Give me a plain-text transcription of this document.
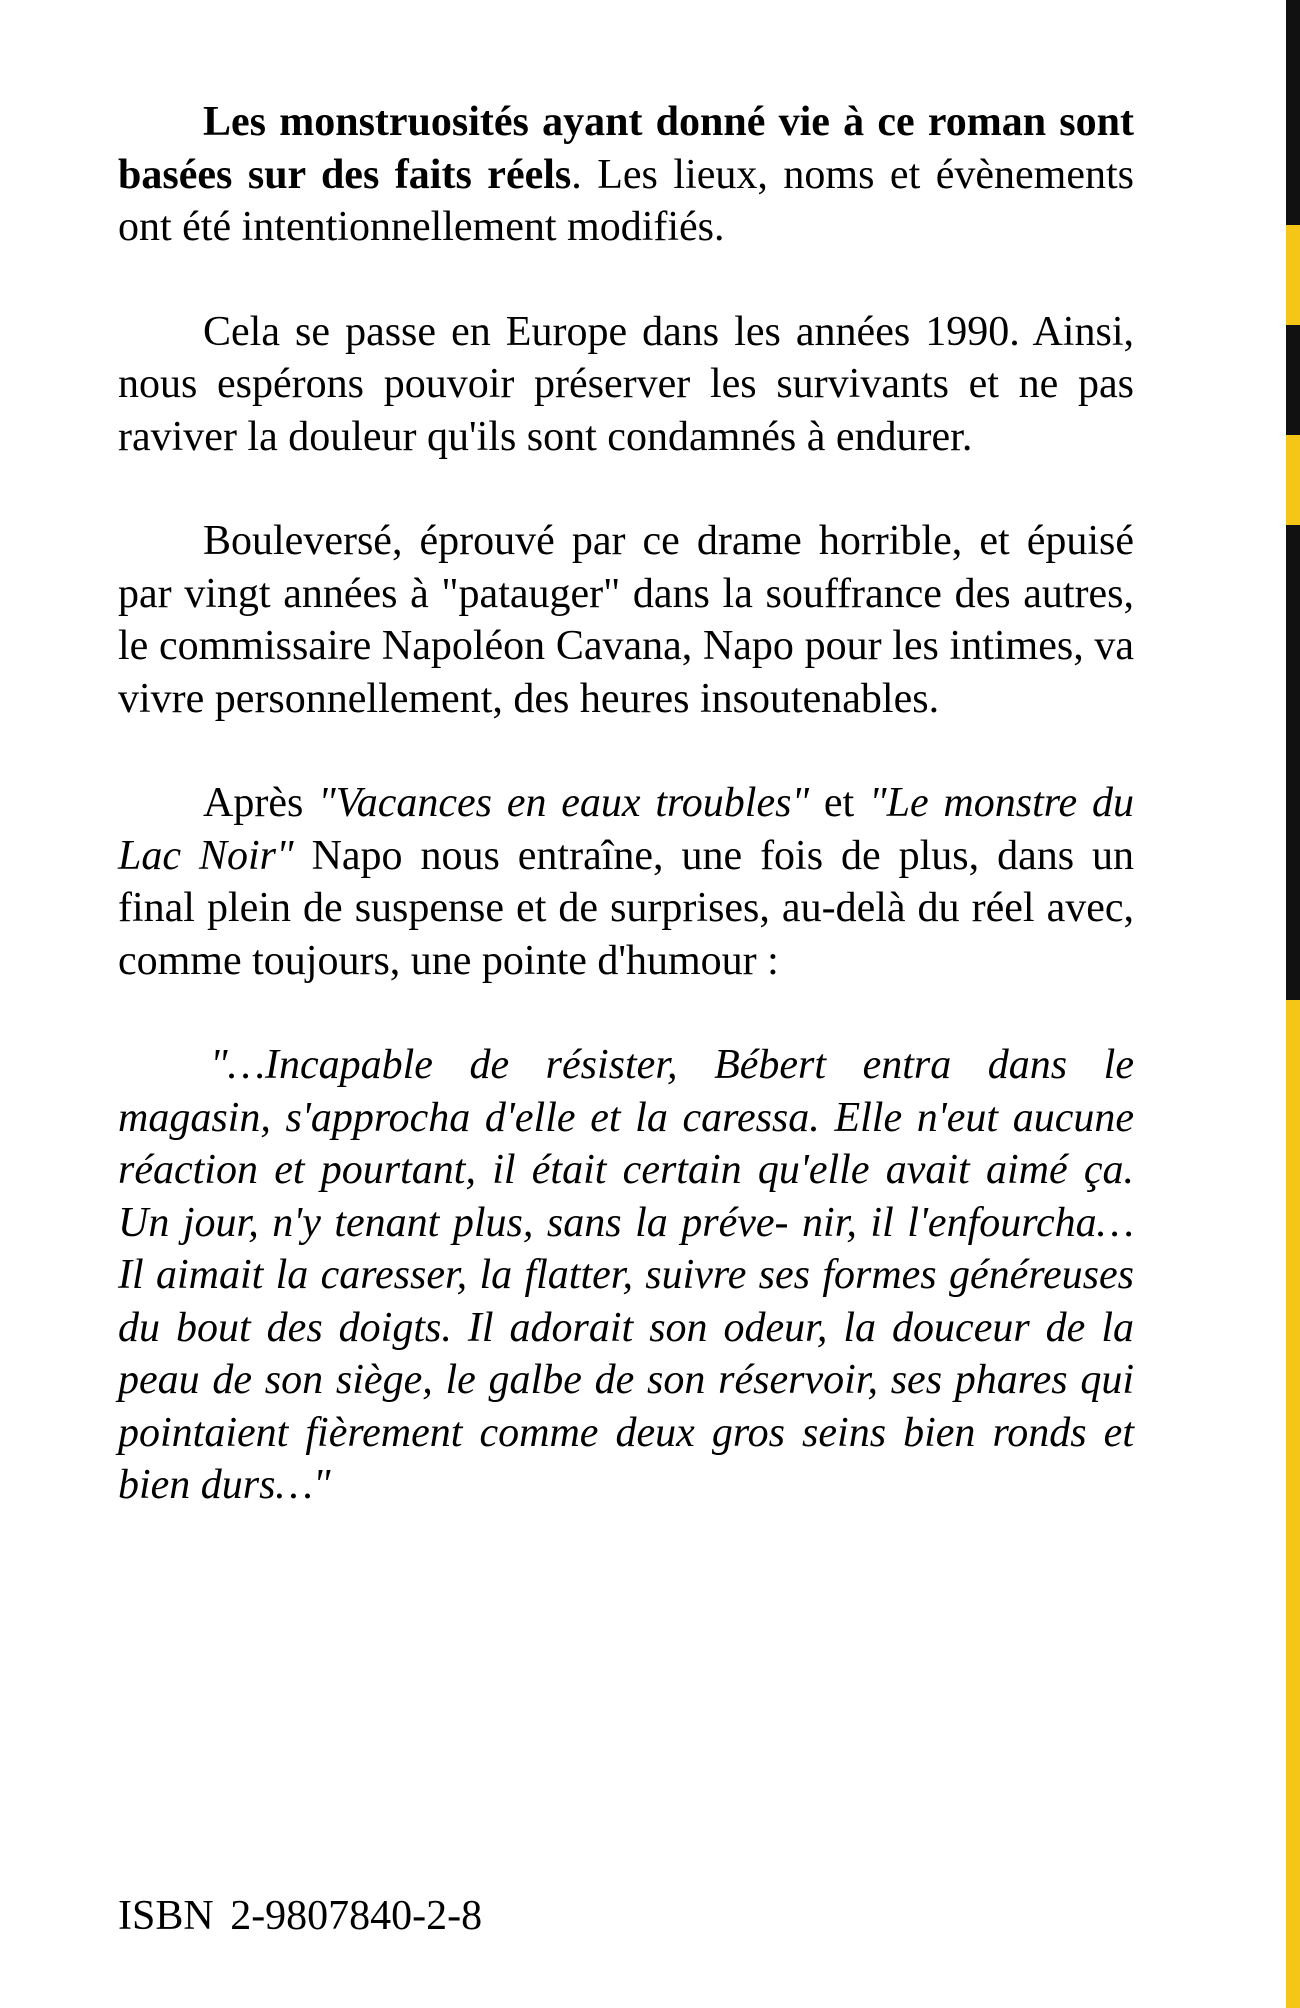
Les monstruosités ayant donné vie à ce roman sont basées sur des faits réels. Les lieux, noms et évènements ont été intentionnellement modifiés.

Cela se passe en Europe dans les années 1990. Ainsi, nous espérons pouvoir préserver les survivants et ne pas raviver la douleur qu'ils sont condamnés à endurer.

Bouleversé, éprouvé par ce drame horrible, et épuisé par vingt années à "patauger" dans la souffrance des autres, le commissaire Napoléon Cavana, Napo pour les intimes, va vivre personnellement, des heures insoutenables.

Après "Vacances en eaux troubles" et "Le monstre du Lac Noir" Napo nous entraîne, une fois de plus, dans un final plein de suspense et de surprises, au-delà du réel avec, comme toujours, une pointe d'humour :

"…Incapable de résister, Bébert entra dans le magasin, s'approcha d'elle et la caressa. Elle n'eut aucune réaction et pourtant, il était certain qu'elle avait aimé ça. Un jour, n'y tenant plus, sans la préve- nir, il l'enfourcha… Il aimait la caresser, la flatter, suivre ses formes généreuses du bout des doigts. Il adorait son odeur, la douceur de la peau de son siège, le galbe de son réservoir, ses phares qui pointaient fièrement comme deux gros seins bien ronds et bien durs…"

ISBN 2-9807840-2-8
